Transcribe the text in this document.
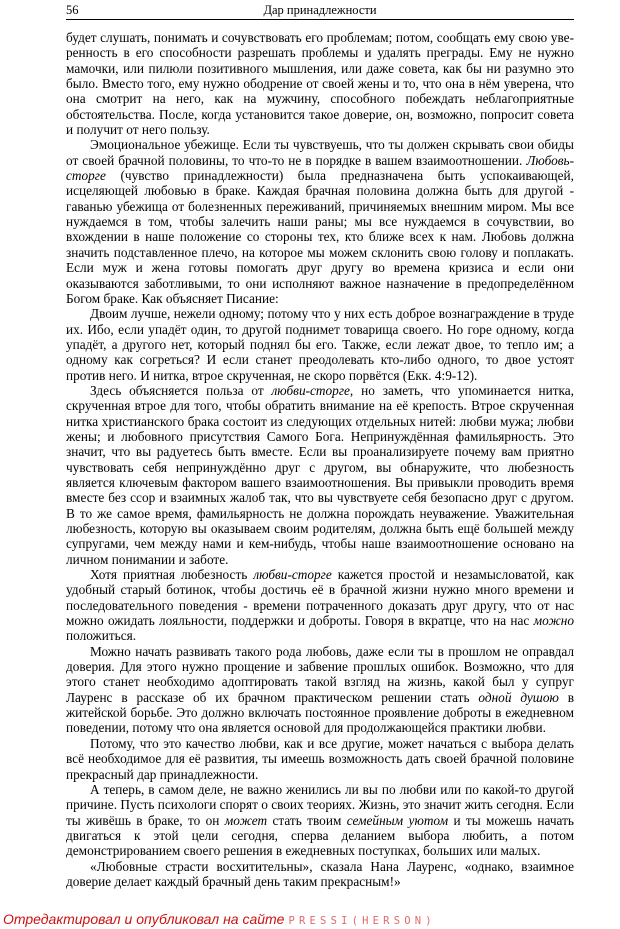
56	Дар принадлежности

будет слушать, понимать и сочувствовать его проблемам; потом, сообщать ему свою уверенность в его способности разрешать проблемы и удалять преграды. Ему не нужно мамочки, или пилюли позитивного мышления, или даже совета, как бы ни разумно это было. Вместо того, ему нужно ободрение от своей жены и то, что она в нём уверена, что она смотрит на него, как на мужчину, способного побеждать неблагоприятные обстоятельства. После, когда установится такое доверие, он, возможно, попросит совета и получит от него пользу.

Эмоциональное убежище. Если ты чувствуешь, что ты должен скрывать свои обиды от своей брачной половины, то что-то не в порядке в вашем взаимоотношении. Любовь-сторге (чувство принадлежности) была предназначена быть успокаивающей, исцеляющей любовью в браке. Каждая брачная половина должна быть для другой - гаванью убежища от болезненных переживаний, причиняемых внешним миром. Мы все нуждаемся в том, чтобы залечить наши раны; мы все нуждаемся в сочувствии, во вхождении в наше положение со стороны тех, кто ближе всех к нам. Любовь должна значить подставленное плечо, на которое мы можем склонить свою голову и поплакать. Если муж и жена готовы помогать друг другу во времена кризиса и если они оказываются заботливыми, то они исполняют важное назначение в предопределённом Богом браке. Как объясняет Писание:

Двоим лучше, нежели одному; потому что у них есть доброе вознаграждение в труде их. Ибо, если упадёт один, то другой поднимет товарища своего. Но горе одному, когда упадёт, а другого нет, который поднял бы его. Также, если лежат двое, то тепло им; а одному как согреться? И если станет преодолевать кто-либо одного, то двое устоят против него. И нитка, втрое скрученная, не скоро порвётся (Екк. 4:9-12).

Здесь объясняется польза от любви-сторге, но заметь, что упоминается нитка, скрученная втрое для того, чтобы обратить внимание на её крепость. Втрое скрученная нитка христианского брака состоит из следующих отдельных нитей: любви мужа; любви жены; и любовного присутствия Самого Бога. Непринуждённая фамильярность. Это значит, что вы радуетесь быть вместе. Если вы проанализируете почему вам приятно чувствовать себя непринуждённо друг с другом, вы обнаружите, что любезность является ключевым фактором вашего взаимоотношения. Вы привыкли проводить время вместе без ссор и взаимных жалоб так, что вы чувствуете себя безопасно друг с другом. В то же самое время, фамильярность не должна порождать неуважение. Уважительная любезность, которую вы оказываем своим родителям, должна быть ещё большей между супругами, чем между нами и кем-нибудь, чтобы наше взаимоотношение основано на личном понимании и заботе.

Хотя приятная любезность любви-сторге кажется простой и незамысловатой, как удобный старый ботинок, чтобы достичь её в брачной жизни нужно много времени и последовательного поведения - времени потраченного доказать друг другу, что от нас можно ожидать лояльности, поддержки и доброты. Говоря в вкратце, что на нас можно положиться.

Можно начать развивать такого рода любовь, даже если ты в прошлом не оправдал доверия. Для этого нужно прощение и забвение прошлых ошибок. Возможно, что для этого станет необходимо адоптировать такой взгляд на жизнь, какой был у супруг Лауренс в рассказе об их брачном практическом решении стать одной душою в житейской борьбе. Это должно включать постоянное проявление доброты в ежедневном поведении, потому что она является основой для продолжающейся практики любви.

Потому, что это качество любви, как и все другие, может начаться с выбора делать всё необходимое для её развития, ты имеешь возможность дать своей брачной половине прекрасный дар принадлежности.

А теперь, в самом деле, не важно женились ли вы по любви или по какой-то другой причине. Пусть психологи спорят о своих теориях. Жизнь, это значит жить сегодня. Если ты живёшь в браке, то он может стать твоим семейным уютом и ты можешь начать двигаться к этой цели сегодня, сперва деланием выбора любить, а потом демонстрированием своего решения в ежедневных поступках, больших или малых.

«Любовные страсти восхитительны», сказала Нана Лауренс, «однако, взаимное доверие делает каждый брачный день таким прекрасным!»

Отредактировал и опубликовал на сайте PRESSI(HERSON)
